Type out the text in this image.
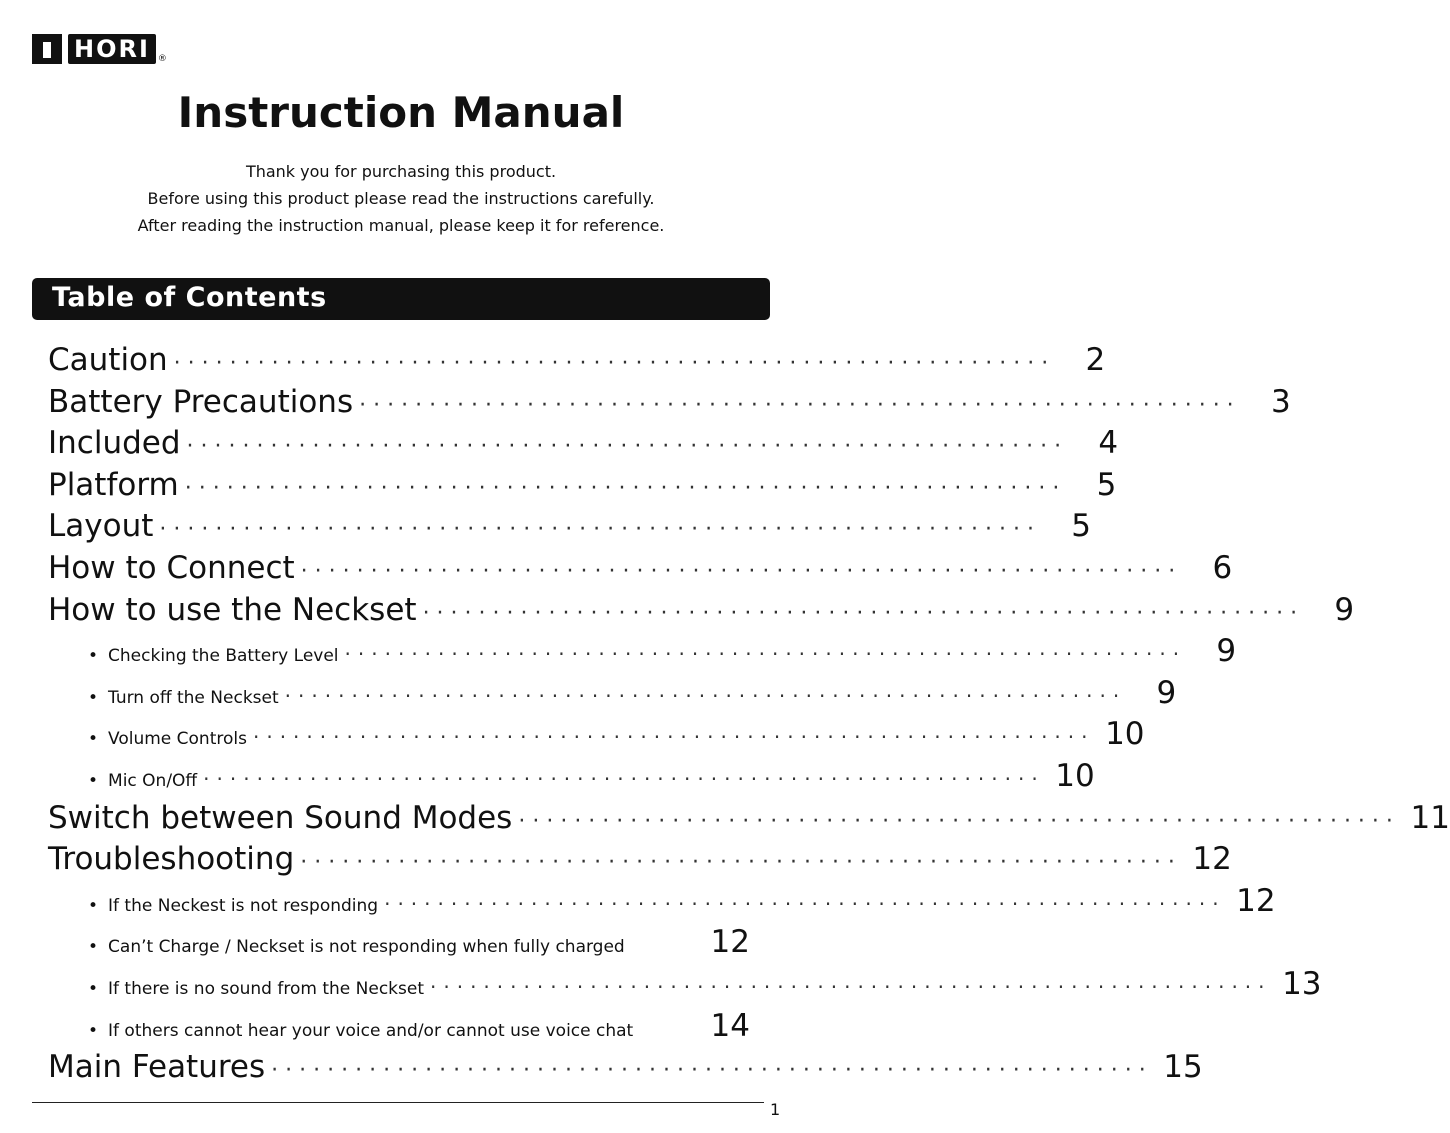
HORI ®
Instruction Manual
Thank you for purchasing this product.
Before using this product please read the instructions carefully.
After reading the instruction manual, please keep it for reference.
Table of Contents
Caution ······························································· 2
Battery Precautions ······························································· 3
Included ······························································· 4
Platform ······························································· 5
Layout ······························································· 5
How to Connect ······························································· 6
How to use the Neckset ······························································· 9
• Checking the Battery Level ······························································· 9
• Turn off the Neckset ······························································· 9
• Volume Controls ······························································· 10
• Mic On/Off ······························································· 10
Switch between Sound Modes ······························································· 11
Troubleshooting ······························································· 12
• If the Neckest is not responding ······························································· 12
• Can’t Charge / Neckset is not responding when fully charged	12
• If there is no sound from the Neckset ······························································· 13
• If others cannot hear your voice and/or cannot use voice chat 14
Main Features ······························································· 15
1
